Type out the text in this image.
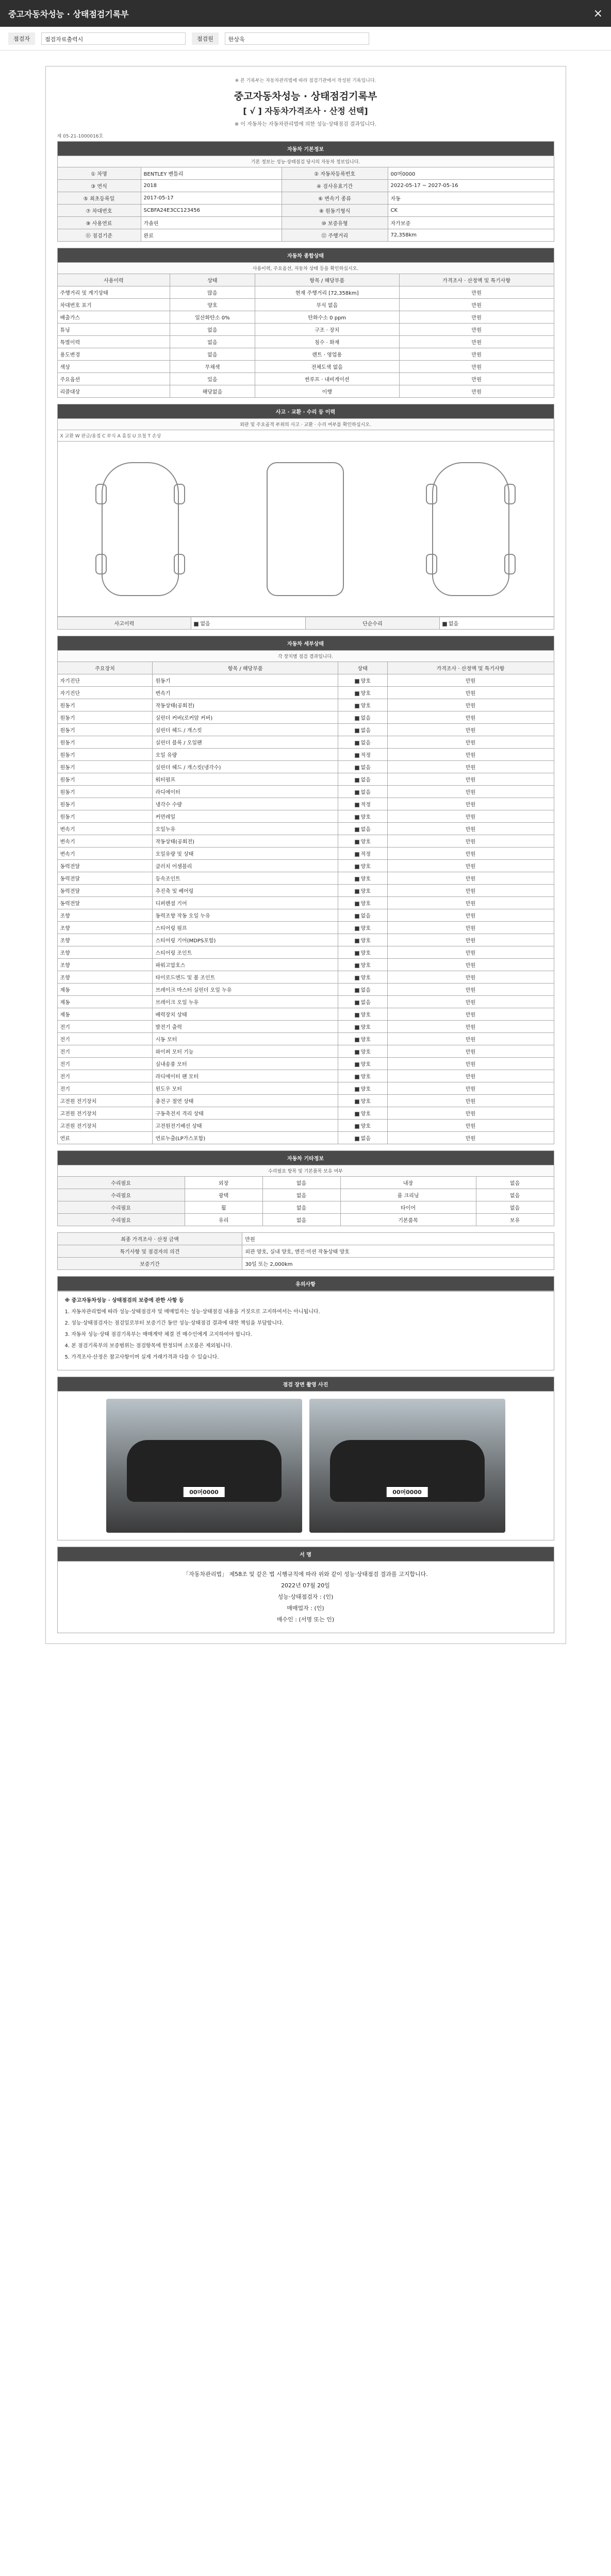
중고자동차성능 · 상태점검기록부	×
점검자	점검자료출력시	점검원	한상욱
※ 본 기록부는 자동차관리법에 따라 점검기관에서 작성된 기록입니다.
중고자동차성능 · 상태점검기록부
[ √ ] 자동차가격조사 · 산정 선택]
※ 이 자동차는 자동차관리법에 의한 성능·상태점검 결과입니다.
제 05-21-1000016호
자동차 기본정보			
기본 정보는 성능·상태점검 당시의 자동차 정보입니다.			
① 차명	BENTLEY 벤틀리	② 자동차등록번호	00머0000
③ 연식	2018	④ 검사유효기간	2022-05-17 ~ 2027-05-16
⑤ 최초등록일	2017-05-17	⑥ 변속기 종류	자동
⑦ 차대번호	SCBFA24E3CC123456	⑧ 원동기형식	CK
⑨ 사용연료	가솔린	⑩ 보증유형	자가보증
⑪ 점검기준	완료	⑫ 주행거리	72,358km
자동차 종합상태			
사용이력, 주요옵션, 자동차 상태 등을 확인하십시오.			
사용이력	상태	항목 / 해당부품	가격조사 · 산정액 및 특기사항
주행거리 및 계기상태	많음	현재 주행거리 [72,358km]	만원
차대번호 표기	양호	부식 없음	만원
배출가스	일산화탄소 0%	탄화수소 0 ppm	만원
튜닝	없음	구조 · 장치	만원
특별이력	없음	침수 · 화재	만원
용도변경	없음	렌트 · 영업용	만원
색상	무채색	전체도색 없음	만원
주요옵션	있음	썬루프 · 내비게이션	만원
리콜대상	해당없음	이행	만원
사고 · 교환 · 수리 등 이력
외판 및 주요골격 부위의 사고 · 교환 · 수리 여부를 확인하십시오.
X 교환 W 판금/용접 C 부식 A 흠집 U 요철 T 손상
사고이력	없음	단순수리	없음
자동차 세부상태			
각 장치별 점검 결과입니다.			
주요장치	항목 / 해당부품	상태	가격조사 · 산정액 및 특기사항
자기진단	원동기	양호	만원
자기진단	변속기	양호	만원
원동기	작동상태(공회전)	양호	만원
원동기	실린더 커버(로커암 커버)	없음	만원
원동기	실린더 헤드 / 개스킷	없음	만원
원동기	실린더 블록 / 오일팬	없음	만원
원동기	오일 유량	적정	만원
원동기	실린더 헤드 / 개스킷(냉각수)	없음	만원
원동기	워터펌프	없음	만원
원동기	라디에이터	없음	만원
원동기	냉각수 수량	적정	만원
원동기	커먼레일	양호	만원
변속기	오일누유	없음	만원
변속기	작동상태(공회전)	양호	만원
변속기	오일유량 및 상태	적정	만원
동력전달	클러치 어셈블리	양호	만원
동력전달	등속조인트	양호	만원
동력전달	추진축 및 베어링	양호	만원
동력전달	디퍼렌셜 기어	양호	만원
조향	동력조향 작동 오일 누유	없음	만원
조향	스티어링 펌프	양호	만원
조향	스티어링 기어(MDPS포함)	양호	만원
조향	스티어링 조인트	양호	만원
조향	파워고압호스	양호	만원
조향	타이로드엔드 및 볼 조인트	양호	만원
제동	브레이크 마스터 실린더 오일 누유	없음	만원
제동	브레이크 오일 누유	없음	만원
제동	배력장치 상태	양호	만원
전기	발전기 출력	양호	만원
전기	시동 모터	양호	만원
전기	와이퍼 모터 기능	양호	만원
전기	실내송풍 모터	양호	만원
전기	라디에이터 팬 모터	양호	만원
전기	윈도우 모터	양호	만원
고전원 전기장치	충전구 절연 상태	양호	만원
고전원 전기장치	구동축전지 격리 상태	양호	만원
고전원 전기장치	고전원전기배선 상태	양호	만원
연료	연료누출(LP가스포함)	없음	만원
자동차 기타정보				
수리필요 항목 및 기본품목 보유 여부				
수리필요	외장	없음	내장	없음
수리필요	광택	없음	룸 크리닝	없음
수리필요	휠	없음	타이어	없음
수리필요	유리	없음	기본품목	보유
최종 가격조사 · 산정 금액	만원
특기사항 및 점검자의 의견	외관 양호, 실내 양호, 엔진·미션 작동상태 양호
보증기간	30일 또는 2,000km
유의사항

※ 중고자동차성능 · 상태점검의 보증에 관한 사항 등

1. 자동차관리법에 따라 성능·상태점검자 및 매매업자는 성능·상태점검 내용을 거짓으로 고지하여서는 아니됩니다.

2. 성능·상태점검자는 점검일로부터 보증기간 동안 성능·상태점검 결과에 대한 책임을 부담합니다.

3. 자동차 성능·상태 점검기록부는 매매계약 체결 전 매수인에게 고지하여야 합니다.

4. 본 점검기록부의 보증범위는 점검항목에 한정되며 소모품은 제외됩니다.

5. 가격조사·산정은 참고사항이며 실제 거래가격과 다를 수 있습니다.

점검 장면 촬영 사진
00머0000	00머0000
서 명
「자동차관리법」 제58조 및 같은 법 시행규칙에 따라 위와 같이 성능·상태점검 결과를 고지합니다.
2022년 07월 20일
성능·상태점검자 : (인)
매매업자 : (인)
매수인 : (서명 또는 인)
